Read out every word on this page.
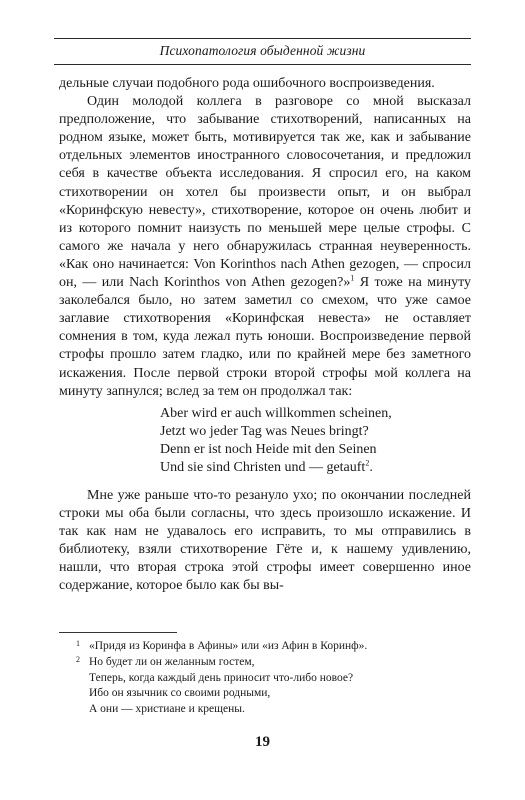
Психопатология обыденной жизни

дельные случаи подобного рода ошибочного воспроизведения.

Один молодой коллега в разговоре со мной высказал предположение, что забывание стихотворений, написанных на родном языке, может быть, мотивируется так же, как и забывание отдельных элементов иностранного словосочетания, и предложил себя в качестве объекта исследования. Я спросил его, на каком стихотворении он хотел бы произвести опыт, и он выбрал «Коринфскую невесту», стихотворение, которое он очень любит и из которого помнит наизусть по меньшей мере целые строфы. С самого же начала у него обнаружилась странная неуверенность. «Как оно начинается: Von Korinthos nach Athen gezogen, — спросил он, — или Nach Korinthos von Athen gezogen?»$^1$ Я тоже на минуту заколебался было, но затем заметил со смехом, что уже самое заглавие стихотворения «Коринфская невеста» не оставляет сомнения в том, куда лежал путь юноши. Воспроизведение первой строфы прошло затем гладко, или по крайней мере без заметного искажения. После первой строки второй строфы мой коллега на минуту запнулся; вслед за тем он продолжал так:

Aber wird er auch willkommen scheinen,
Jetzt wo jeder Tag was Neues bringt?
Denn er ist noch Heide mit den Seinen
Und sie sind Christen und — getauft$^2$.

Мне уже раньше что-то резануло ухо; по окончании последней строки мы оба были согласны, что здесь произошло искажение. И так как нам не удавалось его исправить, то мы отправились в библиотеку, взяли стихотворение Гёте и, к нашему удивлению, нашли, что вторая строка этой строфы имеет совершенно иное содержание, которое было как бы вы-

1 «Придя из Коринфа в Афины» или «из Афин в Коринф».
2 Но будет ли он желанным гостем,
Теперь, когда каждый день приносит что-либо новое?
Ибо он язычник со своими родными,
А они — христиане и крещены.
19
